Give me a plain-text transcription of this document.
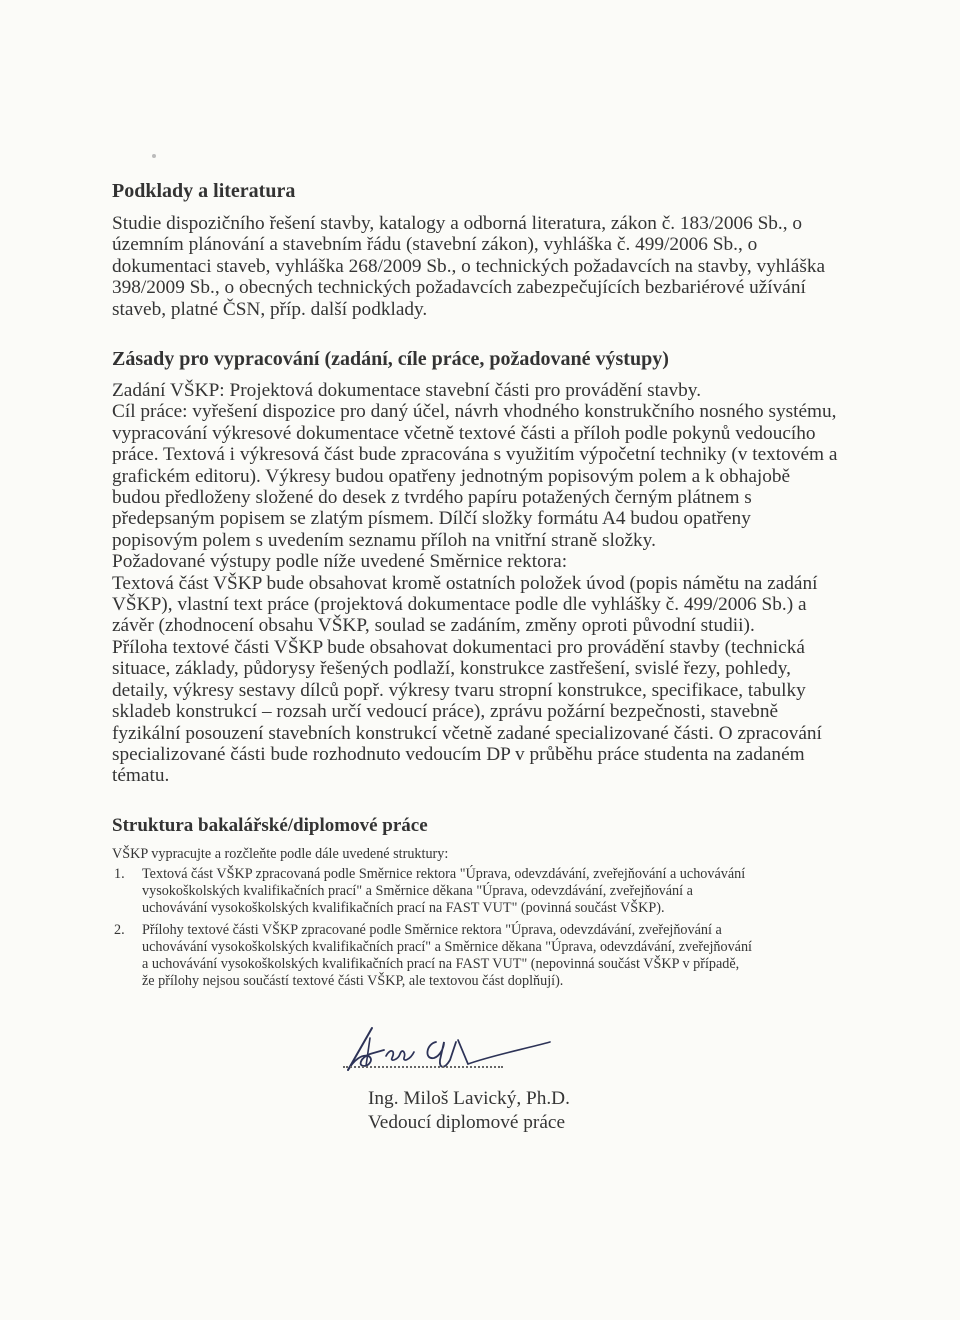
Podklady a literatura
Studie dispozičního řešení stavby, katalogy a odborná literatura, zákon č. 183/2006 Sb., o
územním plánování a stavebním řádu (stavební zákon), vyhláška č. 499/2006 Sb., o
dokumentaci staveb, vyhláška 268/2009 Sb., o technických požadavcích na stavby, vyhláška
398/2009 Sb., o obecných technických požadavcích zabezpečujících bezbariérové užívání
staveb, platné ČSN, příp. další podklady.
Zásady pro vypracování (zadání, cíle práce, požadované výstupy)
Zadání VŠKP: Projektová dokumentace stavební části pro provádění stavby.
Cíl práce: vyřešení dispozice pro daný účel, návrh vhodného konstrukčního nosného systému,
vypracování výkresové dokumentace včetně textové části a příloh podle pokynů vedoucího
práce. Textová i výkresová část bude zpracována s využitím výpočetní techniky (v textovém a
grafickém editoru). Výkresy budou opatřeny jednotným popisovým polem a k obhajobě
budou předloženy složené do desek z tvrdého papíru potažených černým plátnem s
předepsaným popisem se zlatým písmem. Dílčí složky formátu A4 budou opatřeny
popisovým polem s uvedením seznamu příloh na vnitřní straně složky.
Požadované výstupy podle níže uvedené Směrnice rektora:
Textová část VŠKP bude obsahovat kromě ostatních položek úvod (popis námětu na zadání
VŠKP), vlastní text práce (projektová dokumentace podle dle vyhlášky č. 499/2006 Sb.) a
závěr (zhodnocení obsahu VŠKP, soulad se zadáním, změny oproti původní studii).
Příloha textové části VŠKP bude obsahovat dokumentaci pro provádění stavby (technická
situace, základy, půdorysy řešených podlaží, konstrukce zastřešení, svislé řezy, pohledy,
detaily, výkresy sestavy dílců popř. výkresy tvaru stropní konstrukce, specifikace, tabulky
skladeb konstrukcí – rozsah určí vedoucí práce), zprávu požární bezpečnosti, stavebně
fyzikální posouzení stavebních konstrukcí včetně zadané specializované části. O zpracování
specializované části bude rozhodnuto vedoucím DP v průběhu práce studenta na zadaném
tématu.
Struktura bakalářské/diplomové práce

VŠKP vypracujte a rozčleňte podle dále uvedené struktury:

1. Textová část VŠKP zpracovaná podle Směrnice rektora "Úprava, odevzdávání, zveřejňování a uchovávání
vysokoškolských kvalifikačních prací" a Směrnice děkana "Úprava, odevzdávání, zveřejňování a
uchovávání vysokoškolských kvalifikačních prací na FAST VUT" (povinná součást VŠKP).
2. Přílohy textové části VŠKP zpracované podle Směrnice rektora "Úprava, odevzdávání, zveřejňování a
uchovávání vysokoškolských kvalifikačních prací" a Směrnice děkana "Úprava, odevzdávání, zveřejňování
a uchovávání vysokoškolských kvalifikačních prací na FAST VUT" (nepovinná součást VŠKP v případě,
že přílohy nejsou součástí textové části VŠKP, ale textovou část doplňují).
Ing. Miloš Lavický, Ph.D.
Vedoucí diplomové práce
